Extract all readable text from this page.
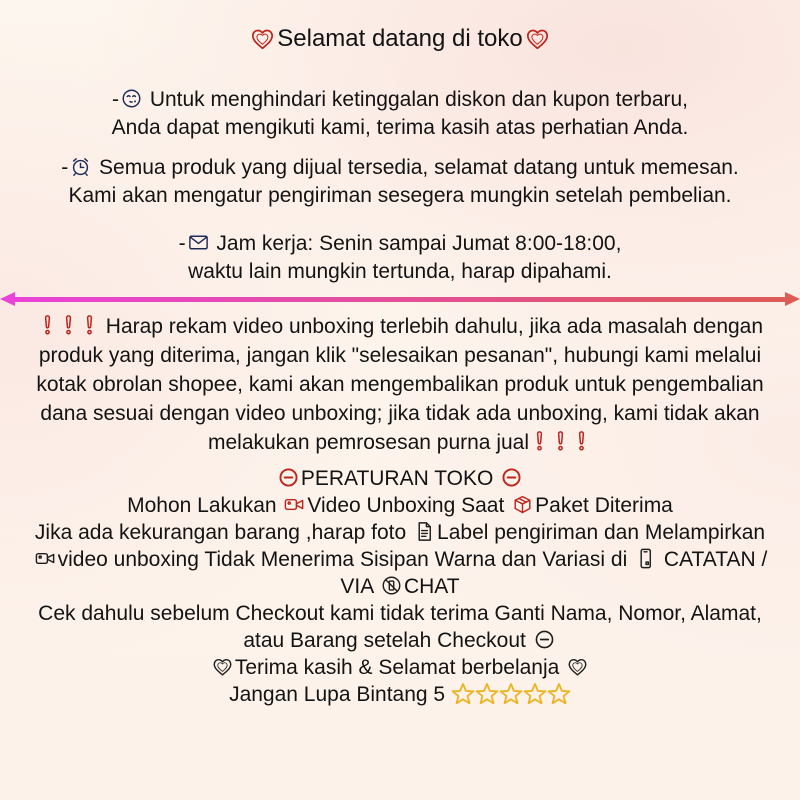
Selamat datang di toko
- Untuk menghindari ketinggalan diskon dan kupon terbaru,
Anda dapat mengikuti kami, terima kasih atas perhatian Anda.
- Semua produk yang dijual tersedia, selamat datang untuk memesan.
Kami akan mengatur pengiriman sesegera mungkin setelah pembelian.
- Jam kerja: Senin sampai Jumat 8:00-18:00,
waktu lain mungkin tertunda, harap dipahami.
Harap rekam video unboxing terlebih dahulu, jika ada masalah dengan
produk yang diterima, jangan klik "selesaikan pesanan", hubungi kami melalui
kotak obrolan shopee, kami akan mengembalikan produk untuk pengembalian
dana sesuai dengan video unboxing; jika tidak ada unboxing, kami tidak akan
melakukan pemrosesan purna jual
PERATURAN TOKO
Mohon Lakukan Video Unboxing Saat Paket Diterima
Jika ada kekurangan barang ,harap foto Label pengiriman dan Melampirkan
video unboxing Tidak Menerima Sisipan Warna dan Variasi di  CATATAN /
VIA CHAT
Cek dahulu sebelum Checkout kami tidak terima Ganti Nama, Nomor, Alamat,
atau Barang setelah Checkout
Terima kasih & Selamat berbelanja
Jangan Lupa Bintang 5
